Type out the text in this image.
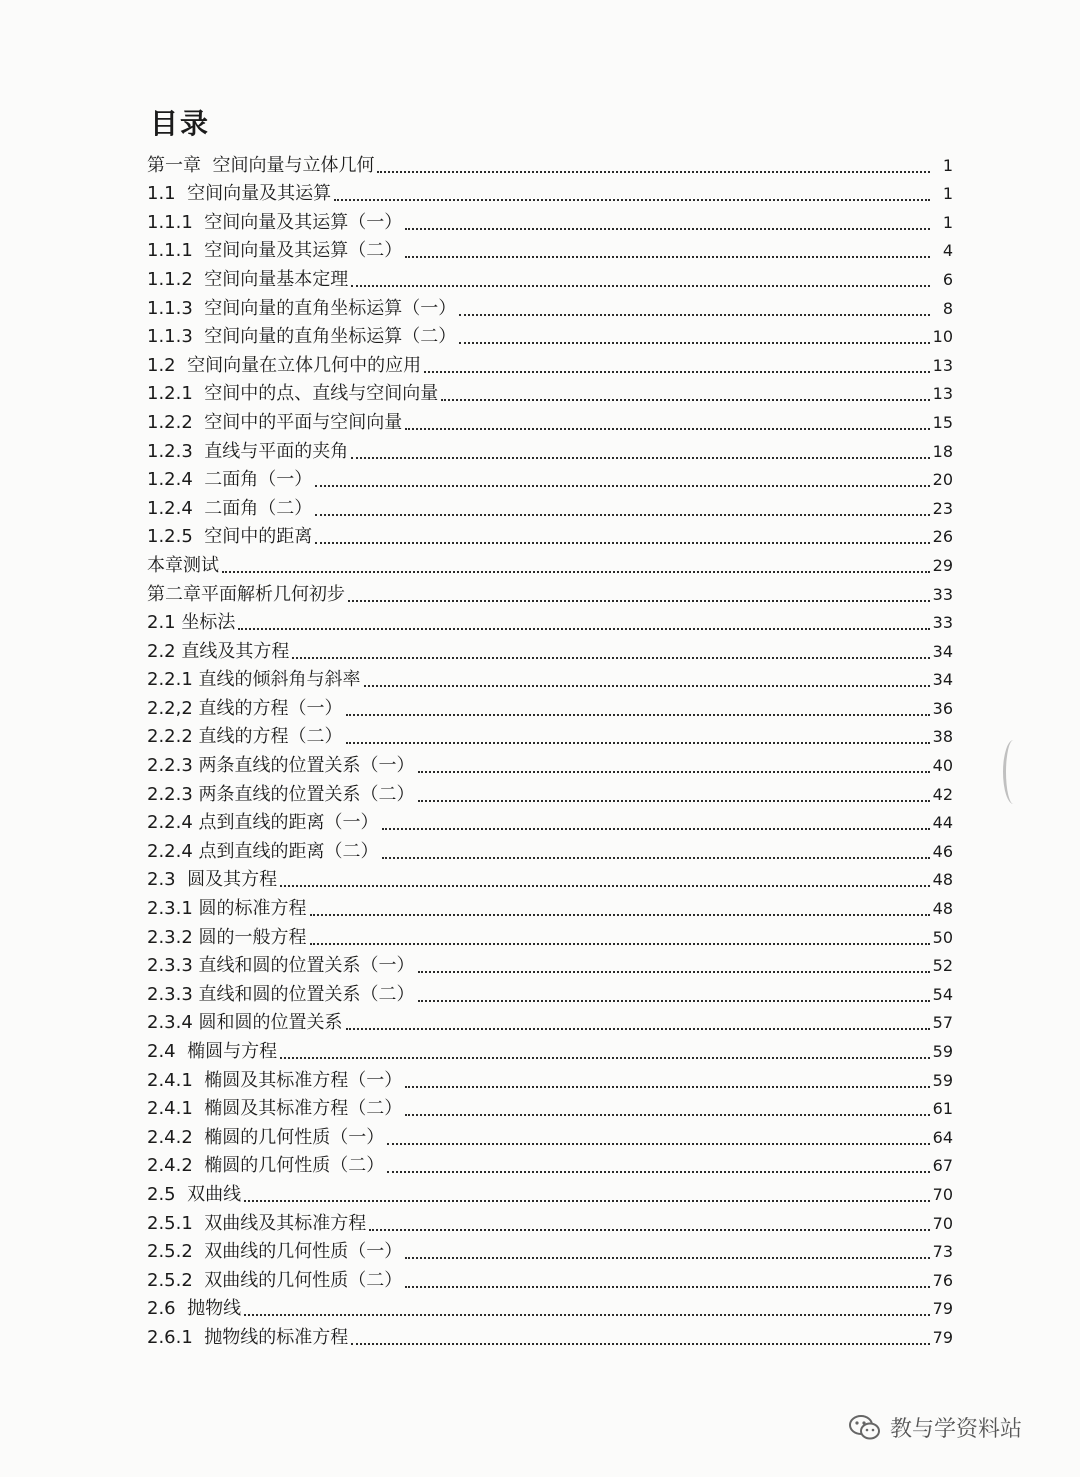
目录
第一章  空间向量与立体几何	1
1.1  空间向量及其运算	1
1.1.1  空间向量及其运算（一）	1
1.1.1  空间向量及其运算（二）	4
1.1.2  空间向量基本定理	6
1.1.3  空间向量的直角坐标运算（一）	8
1.1.3  空间向量的直角坐标运算（二）	10
1.2  空间向量在立体几何中的应用	13
1.2.1  空间中的点、直线与空间向量	13
1.2.2  空间中的平面与空间向量	15
1.2.3  直线与平面的夹角	18
1.2.4  二面角（一）	20
1.2.4  二面角（二）	23
1.2.5  空间中的距离	26
本章测试	29
第二章平面解析几何初步	33
2.1 坐标法	33
2.2 直线及其方程	34
2.2.1 直线的倾斜角与斜率	34
2.2,2 直线的方程（一）	36
2.2.2 直线的方程（二）	38
2.2.3 两条直线的位置关系（一）	40
2.2.3 两条直线的位置关系（二）	42
2.2.4 点到直线的距离（一）	44
2.2.4 点到直线的距离（二）	46
2.3  圆及其方程	48
2.3.1 圆的标准方程	48
2.3.2 圆的一般方程	50
2.3.3 直线和圆的位置关系（一）	52
2.3.3 直线和圆的位置关系（二）	54
2.3.4 圆和圆的位置关系	57
2.4  椭圆与方程	59
2.4.1  椭圆及其标准方程（一）	59
2.4.1  椭圆及其标准方程（二）	61
2.4.2  椭圆的几何性质（一）	64
2.4.2  椭圆的几何性质（二）	67
2.5  双曲线	70
2.5.1  双曲线及其标准方程	70
2.5.2  双曲线的几何性质（一）	73
2.5.2  双曲线的几何性质（二）	76
2.6  抛物线	79
2.6.1  抛物线的标准方程	79
教与学资料站
